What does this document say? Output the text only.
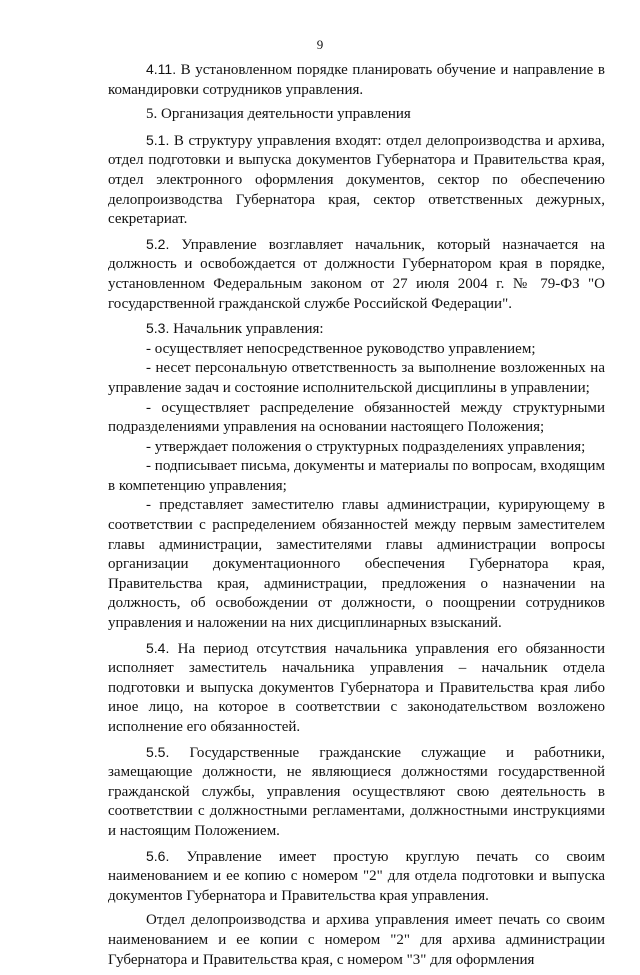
9

4.11. В установленном порядке планировать обучение и направление в командировки сотрудников управления.

5. Организация деятельности управления

5.1. В структуру управления входят: отдел делопроизводства и архива, отдел подготовки и выпуска документов Губернатора и Правительства края, отдел электронного оформления документов, сектор по обеспечению делопроизводства Губернатора края, сектор ответственных дежурных, секретариат.

5.2. Управление возглавляет начальник, который назначается на должность и освобождается от должности Губернатором края в порядке, установленном Федеральным законом от 27 июля 2004 г. № 79-ФЗ "О государственной гражданской службе Российской Федерации".

5.3. Начальник управления:

- осуществляет непосредственное руководство управлением;

- несет персональную ответственность за выполнение возложенных на управление задач и состояние исполнительской дисциплины в управлении;

- осуществляет распределение обязанностей между структурными подразделениями управления на основании настоящего Положения;

- утверждает положения о структурных подразделениях управления;

- подписывает письма, документы и материалы по вопросам, входящим в компетенцию управления;

- представляет заместителю главы администрации, курирующему в соответствии с распределением обязанностей между первым заместителем главы администрации, заместителями главы администрации вопросы организации документационного обеспечения Губернатора края, Правительства края, администрации, предложения о назначении на должность, об освобождении от должности, о поощрении сотрудников управления и наложении на них дисциплинарных взысканий.

5.4. На период отсутствия начальника управления его обязанности исполняет заместитель начальника управления – начальник отдела подготовки и выпуска документов Губернатора и Правительства края либо иное лицо, на которое в соответствии с законодательством возложено исполнение его обязанностей.

5.5. Государственные гражданские служащие и работники, замещающие должности, не являющиеся должностями государственной гражданской службы, управления осуществляют свою деятельность в соответствии с должностными регламентами, должностными инструкциями и настоящим Положением.

5.6. Управление имеет простую круглую печать со своим наименованием и ее копию с номером "2" для отдела подготовки и выпуска документов Губернатора и Правительства края управления.

Отдел делопроизводства и архива управления имеет печать со своим наименованием и ее копии с номером "2" для архива администрации Губернатора и Правительства края, с номером "3" для оформления
